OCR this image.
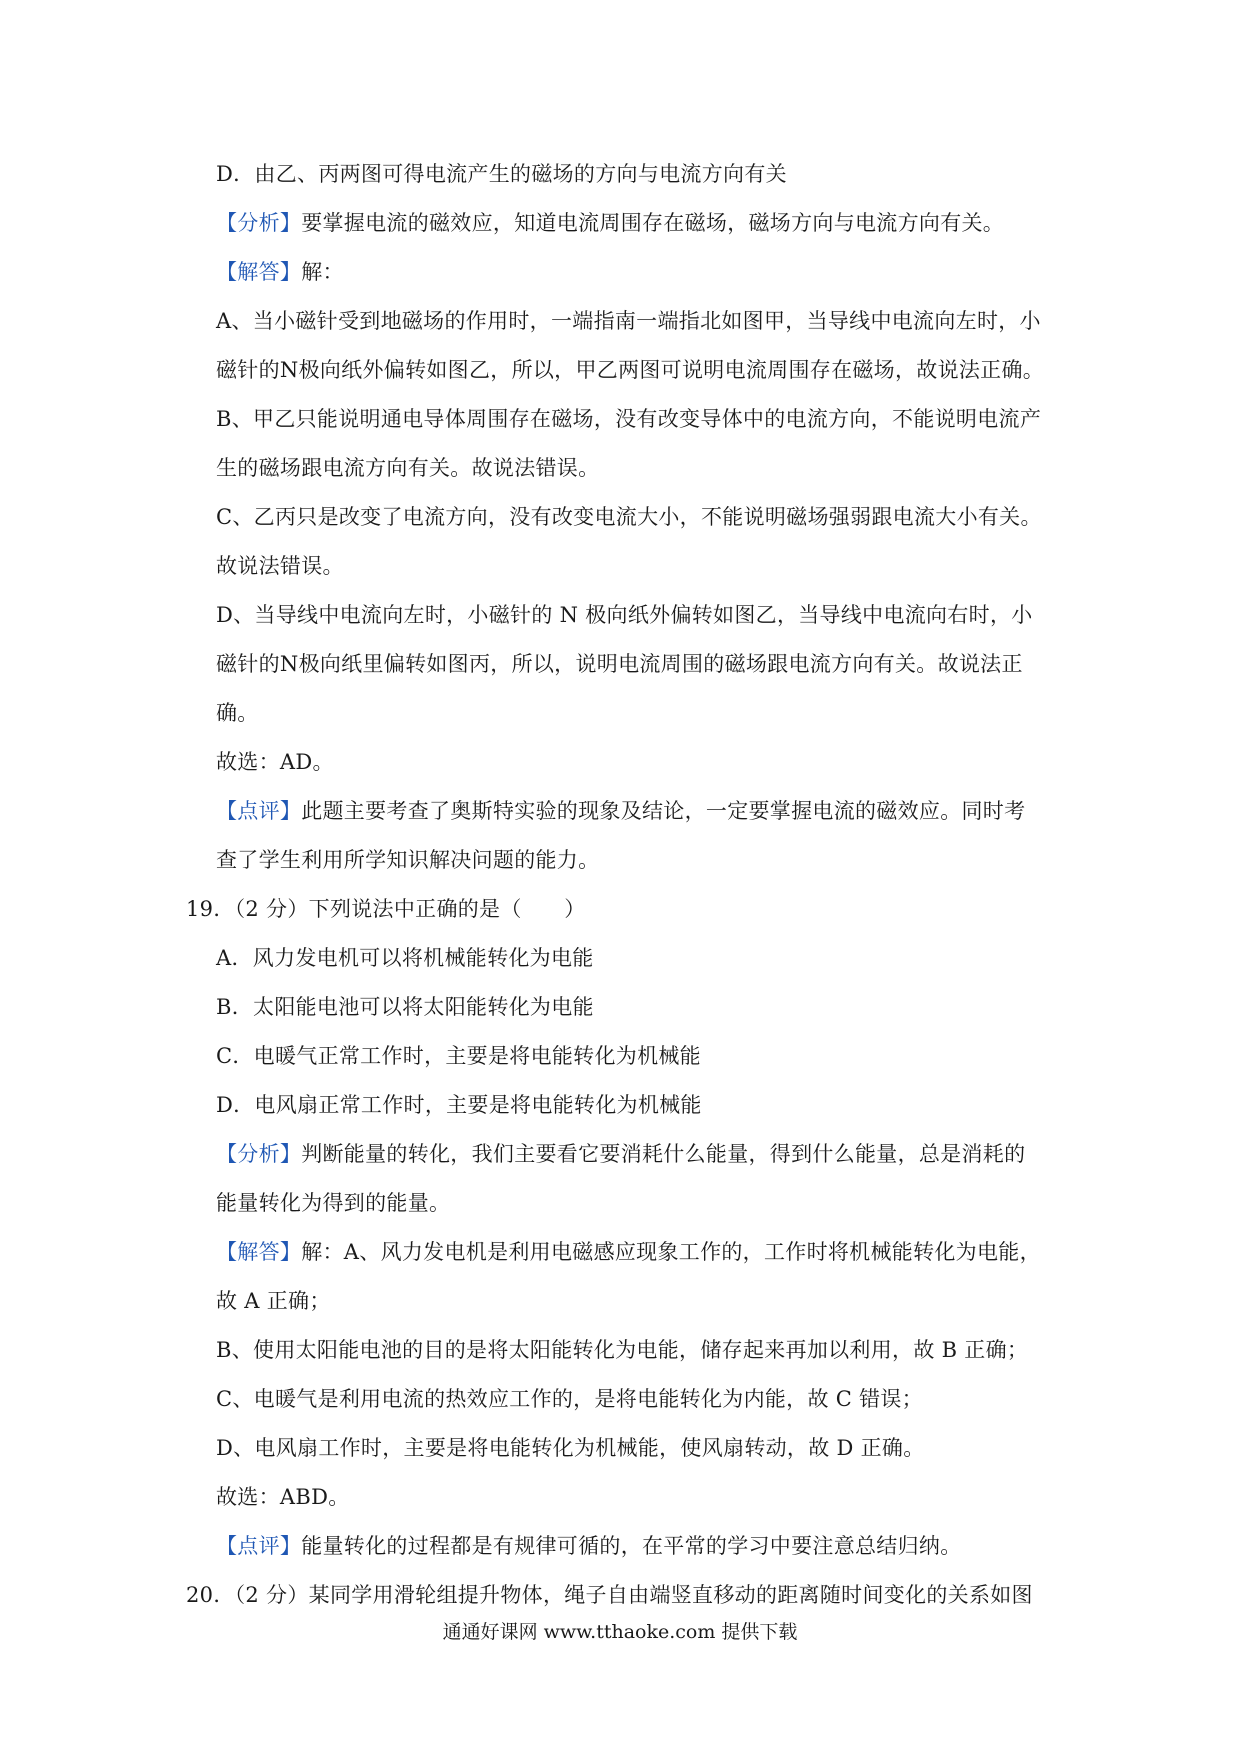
D．由乙、丙两图可得电流产生的磁场的方向与电流方向有关
【分析】要掌握电流的磁效应，知道电流周围存在磁场，磁场方向与电流方向有关。
【解答】解：
A、当小磁针受到地磁场的作用时，一端指南一端指北如图甲，当导线中电流向左时，小
磁针的N极向纸外偏转如图乙，所以，甲乙两图可说明电流周围存在磁场，故说法正确。
B、甲乙只能说明通电导体周围存在磁场，没有改变导体中的电流方向，不能说明电流产
生的磁场跟电流方向有关。故说法错误。
C、乙丙只是改变了电流方向，没有改变电流大小，不能说明磁场强弱跟电流大小有关。
故说法错误。
D、当导线中电流向左时，小磁针的 N 极向纸外偏转如图乙，当导线中电流向右时，小
磁针的N极向纸里偏转如图丙，所以，说明电流周围的磁场跟电流方向有关。故说法正
确。
故选：AD。
【点评】此题主要考查了奥斯特实验的现象及结论，一定要掌握电流的磁效应。同时考
查了学生利用所学知识解决问题的能力。
19．（2 分）下列说法中正确的是（　　）
A．风力发电机可以将机械能转化为电能
B．太阳能电池可以将太阳能转化为电能
C．电暖气正常工作时，主要是将电能转化为机械能
D．电风扇正常工作时，主要是将电能转化为机械能
【分析】判断能量的转化，我们主要看它要消耗什么能量，得到什么能量，总是消耗的
能量转化为得到的能量。
【解答】解：A、风力发电机是利用电磁感应现象工作的，工作时将机械能转化为电能，
故 A 正确；
B、使用太阳能电池的目的是将太阳能转化为电能，储存起来再加以利用，故 B 正确；
C、电暖气是利用电流的热效应工作的，是将电能转化为内能，故 C 错误；
D、电风扇工作时，主要是将电能转化为机械能，使风扇转动，故 D 正确。
故选：ABD。
【点评】能量转化的过程都是有规律可循的，在平常的学习中要注意总结归纳。
20．（2 分）某同学用滑轮组提升物体，绳子自由端竖直移动的距离随时间变化的关系如图
通通好课网 www.tthaoke.com 提供下载
